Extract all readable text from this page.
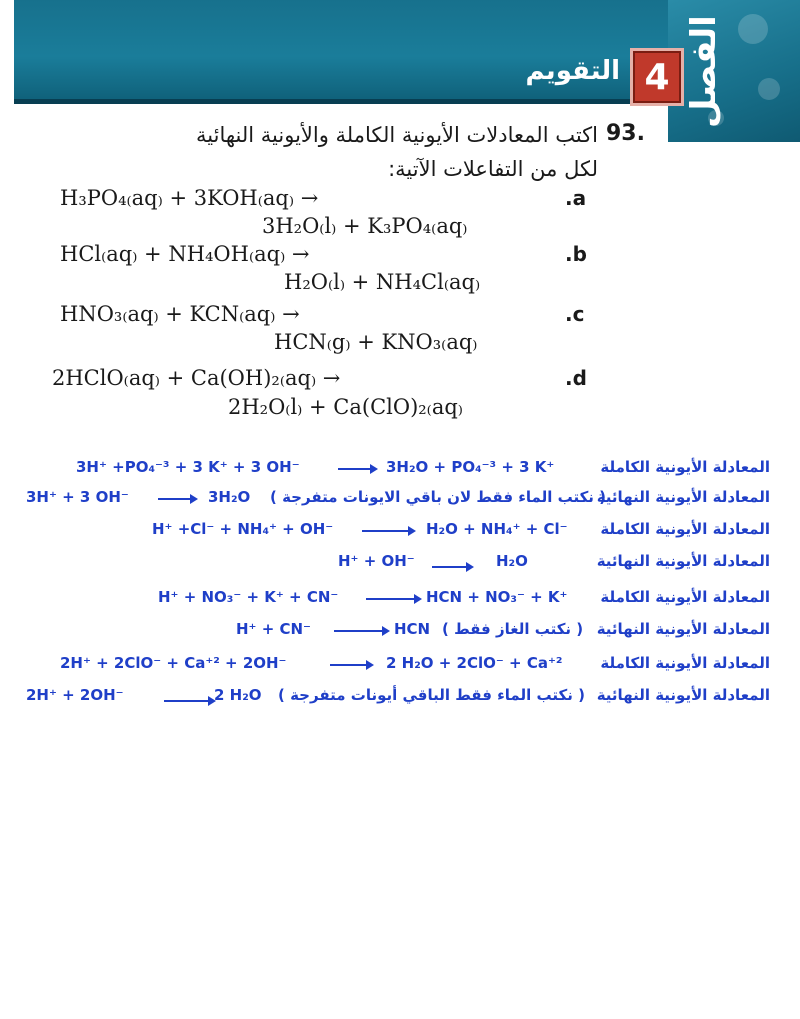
الفصل
4
التقويم
93.
اكتب المعادلات الأيونية الكاملة والأيونية النهائية
لكل من التفاعلات الآتية:
H₃PO₄₍aq₎ + 3KOH₍aq₎ →	.a
3H₂O₍l₎ + K₃PO₄₍aq₎
HCl₍aq₎ + NH₄OH₍aq₎ →	.b
H₂O₍l₎ + NH₄Cl₍aq₎
HNO₃₍aq₎ + KCN₍aq₎ →	.c
HCN₍g₎ + KNO₃₍aq₎
2HClO₍aq₎ + Ca(OH)₂₍aq₎ →	.d
2H₂O₍l₎ + Ca(ClO)₂₍aq₎
المعادلة الأيونية الكاملة
3H⁺ +PO₄⁻³ + 3 K⁺ + 3 OH⁻ → 3H₂O + PO₄⁻³ + 3 K⁺
المعادلة الأيونية النهائية
3H⁺ + 3 OH⁻ → 3H₂O ( نكتب الماء فقط لان باقي الايونات متفرجة )
المعادلة الأيونية الكاملة
H⁺ +Cl⁻ + NH₄⁺ + OH⁻ → H₂O + NH₄⁺ + Cl⁻
المعادلة الأيونية النهائية
H⁺ + OH⁻ → H₂O
المعادلة الأيونية الكاملة
H⁺ + NO₃⁻ + K⁺ + CN⁻ → HCN + NO₃⁻ + K⁺
المعادلة الأيونية النهائية
H⁺ + CN⁻ → HCN ( نكتب الغاز فقط )
المعادلة الأيونية الكاملة
2H⁺ + 2ClO⁻ + Ca⁺² + 2OH⁻	→ 2 H₂O + 2ClO⁻ + Ca⁺²
المعادلة الأيونية النهائية
2H⁺ + 2OH⁻	→ 2 H₂O ( نكتب الماء فقط الباقي أيونات متفرجة )
